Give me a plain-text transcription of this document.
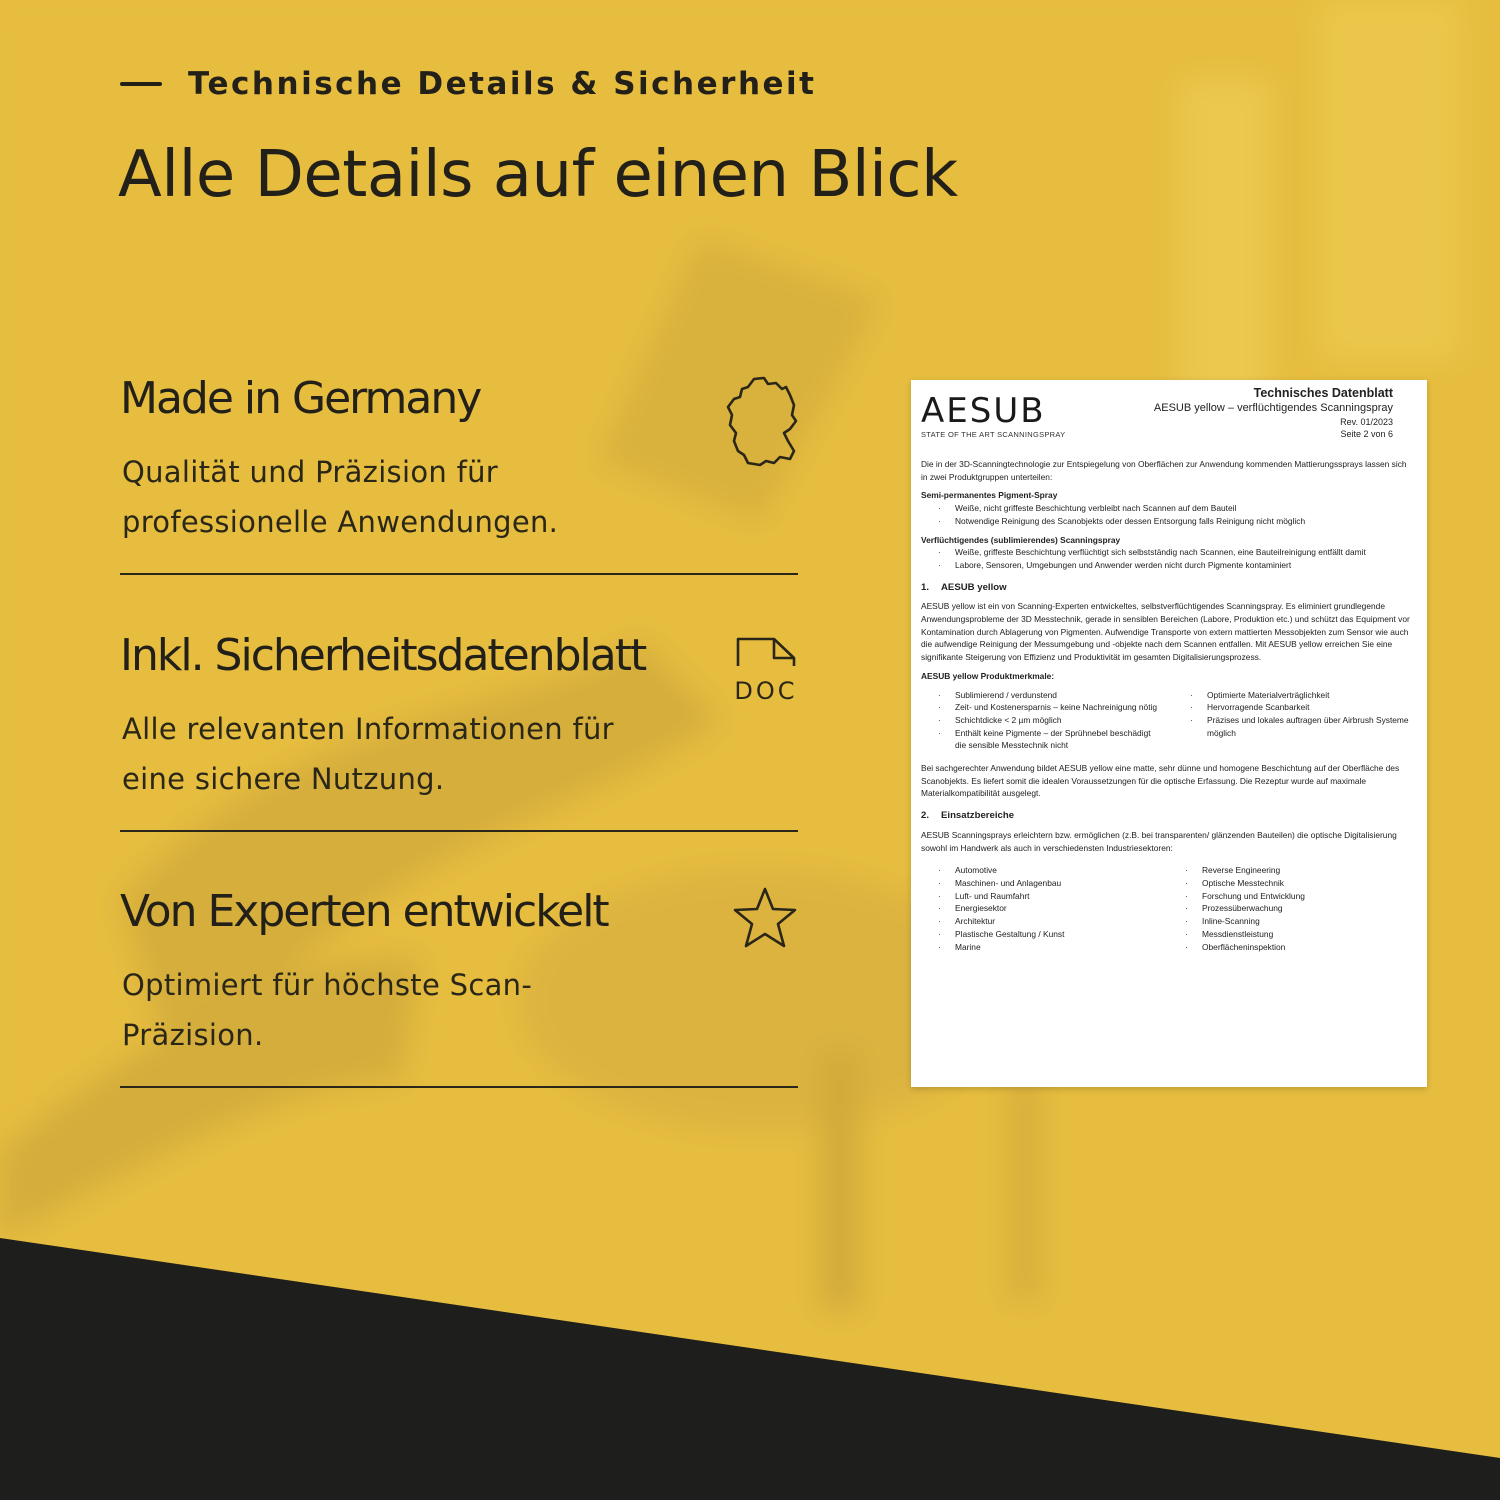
Technische Details & Sicherheit
Alle Details auf einen Blick
Made in Germany
Qualität und Präzision für professionelle Anwendungen.
Inkl. Sicherheitsdatenblatt
Alle relevanten Informationen für eine sichere Nutzung.
DOC
Von Experten entwickelt
Optimiert für höchste Scan-Präzision.
AESUB
STATE OF THE ART SCANNINGSPRAY
Technisches Datenblatt
AESUB yellow – verflüchtigendes Scanningspray
Rev. 01/2023
Seite 2 von 6

Die in der 3D-Scanningtechnologie zur Entspiegelung von Oberflächen zur Anwendung kommenden Mattierungssprays lassen sich in zwei Produktgruppen unterteilen:

Semi-permanentes Pigment-Spray

· Weiße, nicht griffeste Beschichtung verbleibt nach Scannen auf dem Bauteil
· Notwendige Reinigung des Scanobjekts oder dessen Entsorgung falls Reinigung nicht möglich

Verflüchtigendes (sublimierendes) Scanningspray

· Weiße, griffeste Beschichtung verflüchtigt sich selbstständig nach Scannen, eine Bauteilreinigung entfällt damit
· Labore, Sensoren, Umgebungen und Anwender werden nicht durch Pigmente kontaminiert
1. AESUB yellow

AESUB yellow ist ein von Scanning-Experten entwickeltes, selbstverflüchtigendes Scanningspray. Es eliminiert grundlegende Anwendungsprobleme der 3D Messtechnik, gerade in sensiblen Bereichen (Labore, Produktion etc.) und schützt das Equipment vor Kontamination durch Ablagerung von Pigmenten. Aufwendige Transporte von extern mattierten Messobjekten zum Sensor wie auch die aufwendige Reinigung der Messumgebung und -objekte nach dem Scannen entfallen. Mit AESUB yellow erreichen Sie eine signifikante Steigerung von Effizienz und Produktivität im gesamten Digitalisierungsprozess.

AESUB yellow Produktmerkmale:

· Sublimierend / verdunstend
· Zeit- und Kostenersparnis – keine Nachreinigung nötig
· Schichtdicke < 2 µm möglich
· Enthält keine Pigmente – der Sprühnebel beschädigt die sensible Messtechnik nicht
· Optimierte Materialverträglichkeit
· Hervorragende Scanbarkeit
· Präzises und lokales auftragen über Airbrush Systeme möglich

Bei sachgerechter Anwendung bildet AESUB yellow eine matte, sehr dünne und homogene Beschichtung auf der Oberfläche des Scanobjekts. Es liefert somit die idealen Voraussetzungen für die optische Erfassung. Die Rezeptur wurde auf maximale Materialkompatibilität ausgelegt.

2. Einsatzbereiche

AESUB Scanningsprays erleichtern bzw. ermöglichen (z.B. bei transparenten/ glänzenden Bauteilen) die optische Digitalisierung sowohl im Handwerk als auch in verschiedensten Industriesektoren:

· Automotive
· Maschinen- und Anlagenbau
· Luft- und Raumfahrt
· Energiesektor
· Architektur
· Plastische Gestaltung / Kunst
· Marine
· Reverse Engineering
· Optische Messtechnik
· Forschung und Entwicklung
· Prozessüberwachung
· Inline-Scanning
· Messdienstleistung
· Oberflächeninspektion
